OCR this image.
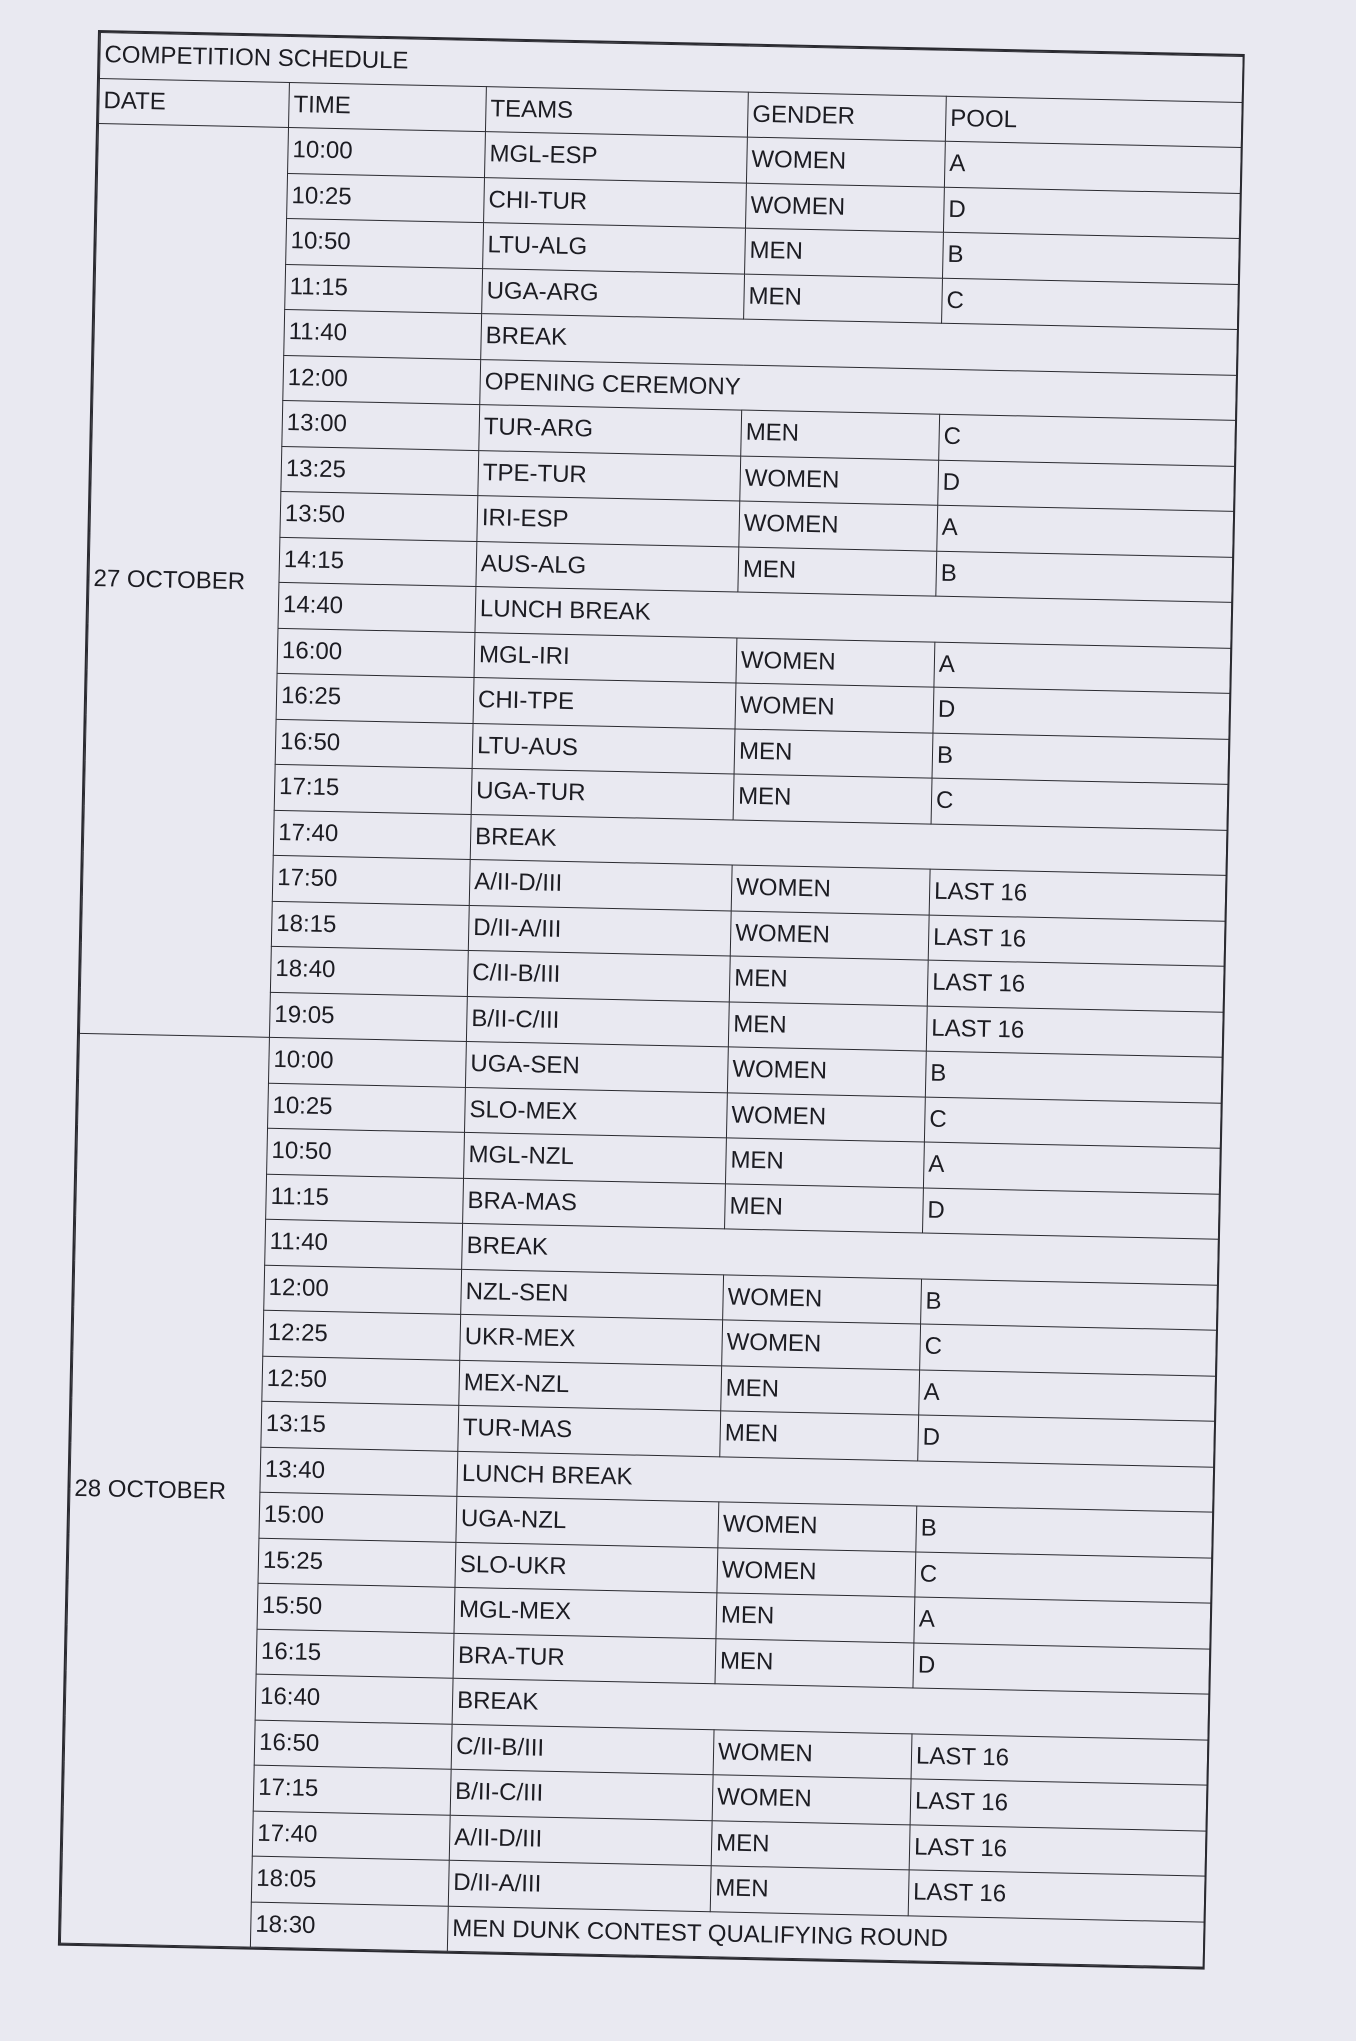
COMPETITION SCHEDULE				
DATE	TIME	TEAMS	GENDER	POOL
27 OCTOBER	10:00	MGL-ESP	WOMEN	A
	10:25	CHI-TUR	WOMEN	D
	10:50	LTU-ALG	MEN	B
	11:15	UGA-ARG	MEN	C
	11:40	BREAK		
	12:00	OPENING CEREMONY		
	13:00	TUR-ARG	MEN	C
	13:25	TPE-TUR	WOMEN	D
	13:50	IRI-ESP	WOMEN	A
	14:15	AUS-ALG	MEN	B
	14:40	LUNCH BREAK		
	16:00	MGL-IRI	WOMEN	A
	16:25	CHI-TPE	WOMEN	D
	16:50	LTU-AUS	MEN	B
	17:15	UGA-TUR	MEN	C
	17:40	BREAK		
	17:50	A/II-D/III	WOMEN	LAST 16
	18:15	D/II-A/III	WOMEN	LAST 16
	18:40	C/II-B/III	MEN	LAST 16
	19:05	B/II-C/III	MEN	LAST 16
28 OCTOBER	10:00	UGA-SEN	WOMEN	B
	10:25	SLO-MEX	WOMEN	C
	10:50	MGL-NZL	MEN	A
	11:15	BRA-MAS	MEN	D
	11:40	BREAK		
	12:00	NZL-SEN	WOMEN	B
	12:25	UKR-MEX	WOMEN	C
	12:50	MEX-NZL	MEN	A
	13:15	TUR-MAS	MEN	D
	13:40	LUNCH BREAK		
	15:00	UGA-NZL	WOMEN	B
	15:25	SLO-UKR	WOMEN	C
	15:50	MGL-MEX	MEN	A
	16:15	BRA-TUR	MEN	D
	16:40	BREAK		
	16:50	C/II-B/III	WOMEN	LAST 16
	17:15	B/II-C/III	WOMEN	LAST 16
	17:40	A/II-D/III	MEN	LAST 16
	18:05	D/II-A/III	MEN	LAST 16
	18:30	MEN DUNK CONTEST QUALIFYING ROUND		
